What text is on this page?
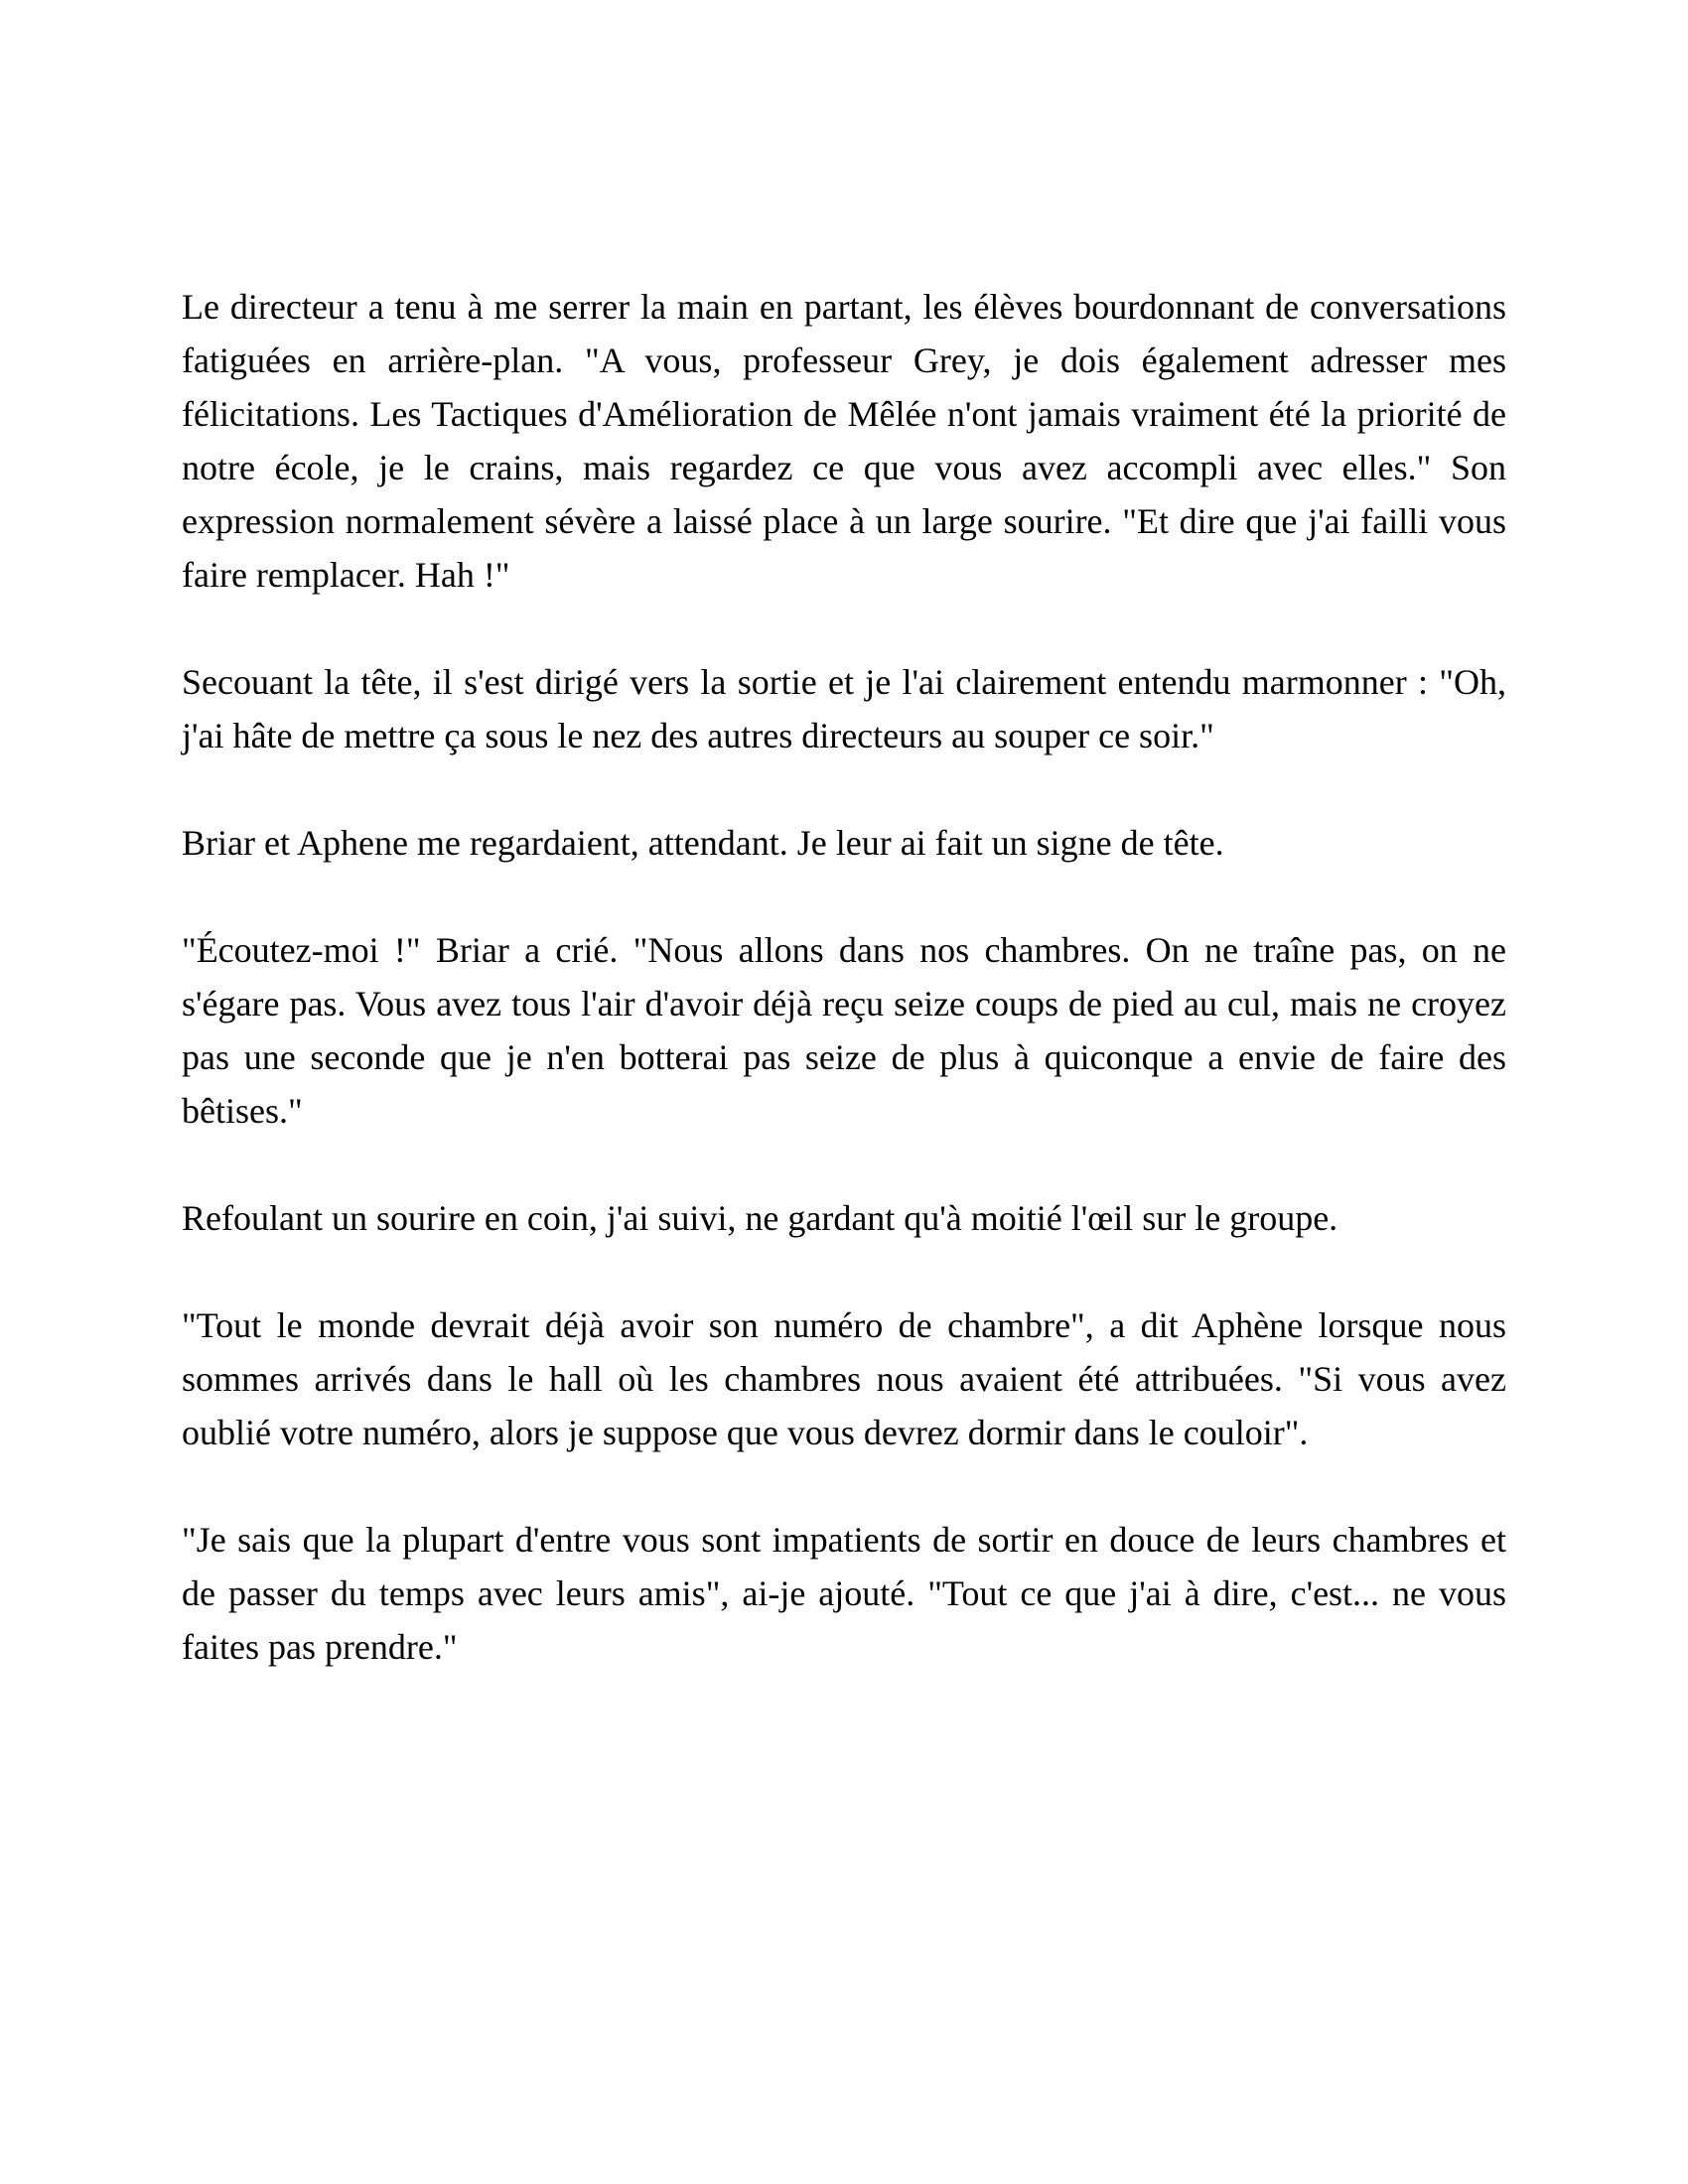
Le directeur a tenu à me serrer la main en partant, les élèves bourdonnant de conversations fatiguées en arrière-plan. "A vous, professeur Grey, je dois également adresser mes félicitations. Les Tactiques d'Amélioration de Mêlée n'ont jamais vraiment été la priorité de notre école, je le crains, mais regardez ce que vous avez accompli avec elles." Son expression normalement sévère a laissé place à un large sourire. "Et dire que j'ai failli vous faire remplacer. Hah !"

Secouant la tête, il s'est dirigé vers la sortie et je l'ai clairement entendu marmonner : "Oh, j'ai hâte de mettre ça sous le nez des autres directeurs au souper ce soir."

Briar et Aphene me regardaient, attendant. Je leur ai fait un signe de tête.

"Écoutez-moi !" Briar a crié. "Nous allons dans nos chambres. On ne traîne pas, on ne s'égare pas. Vous avez tous l'air d'avoir déjà reçu seize coups de pied au cul, mais ne croyez pas une seconde que je n'en botterai pas seize de plus à quiconque a envie de faire des bêtises."

Refoulant un sourire en coin, j'ai suivi, ne gardant qu'à moitié l'œil sur le groupe.

"Tout le monde devrait déjà avoir son numéro de chambre", a dit Aphène lorsque nous sommes arrivés dans le hall où les chambres nous avaient été attribuées. "Si vous avez oublié votre numéro, alors je suppose que vous devrez dormir dans le couloir".

"Je sais que la plupart d'entre vous sont impatients de sortir en douce de leurs chambres et de passer du temps avec leurs amis", ai-je ajouté. "Tout ce que j'ai à dire, c'est... ne vous faites pas prendre."
